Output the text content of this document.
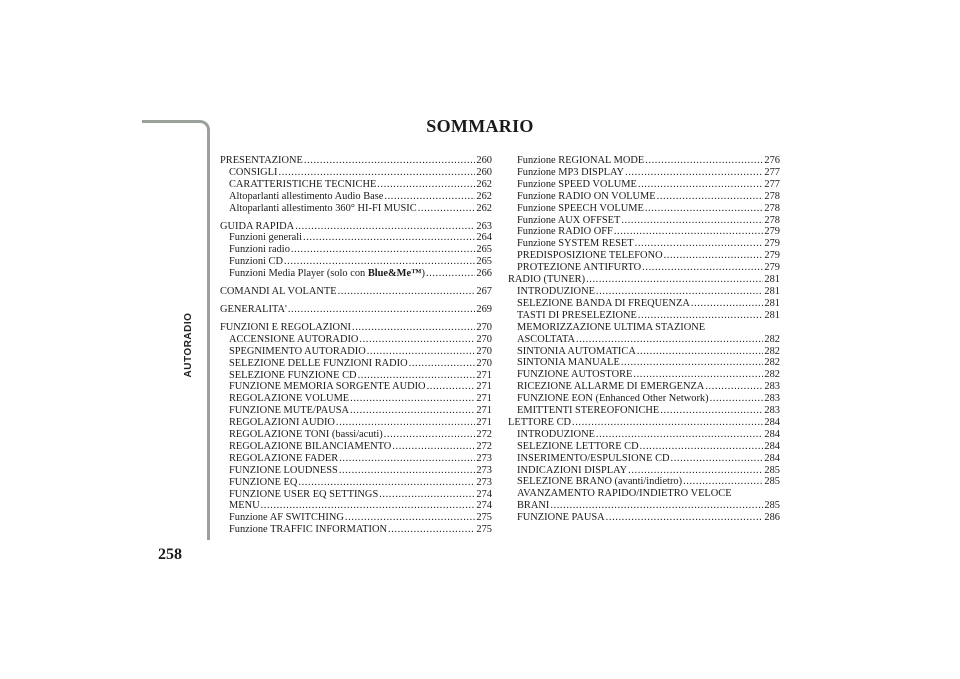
AUTORADIO
258
SOMMARIO
PRESENTAZIONE .....	260
CONSIGLI .....	260
CARATTERISTICHE TECNICHE .....	262
Altoparlanti allestimento Audio Base .....	262
Altoparlanti allestimento 360° HI-FI MUSIC .....	262
GUIDA RAPIDA .....	263
Funzioni generali .....	264
Funzioni radio .....	265
Funzioni CD .....	265
Funzioni Media Player (solo con Blue&Me™) .....	266
COMANDI AL VOLANTE .....	267
GENERALITA' .....	269
FUNZIONI E REGOLAZIONI .....	270
ACCENSIONE AUTORADIO .....	270
SPEGNIMENTO AUTORADIO .....	270
SELEZIONE DELLE FUNZIONI RADIO .....	270
SELEZIONE FUNZIONE CD .....	271
FUNZIONE MEMORIA SORGENTE AUDIO .....	271
REGOLAZIONE VOLUME .....	271
FUNZIONE MUTE/PAUSA .....	271
REGOLAZIONI AUDIO .....	271
REGOLAZIONE TONI (bassi/acuti) .....	272
REGOLAZIONE BILANCIAMENTO .....	272
REGOLAZIONE FADER .....	273
FUNZIONE LOUDNESS .....	273
FUNZIONE EQ .....	273
FUNZIONE USER EQ SETTINGS .....	274
MENU .....	274
Funzione AF SWITCHING .....	275
Funzione TRAFFIC INFORMATION .....	275
Funzione REGIONAL MODE .....	276
Funzione MP3 DISPLAY .....	277
Funzione SPEED VOLUME .....	277
Funzione RADIO ON VOLUME .....	278
Funzione SPEECH VOLUME .....	278
Funzione AUX OFFSET .....	278
Funzione RADIO OFF .....	279
Funzione SYSTEM RESET .....	279
PREDISPOSIZIONE TELEFONO .....	279
PROTEZIONE ANTIFURTO .....	279
RADIO (TUNER) .....	281
INTRODUZIONE .....	281
SELEZIONE BANDA DI FREQUENZA .....	281
TASTI DI PRESELEZIONE .....	281
MEMORIZZAZIONE ULTIMA STAZIONE
ASCOLTATA .....	282
SINTONIA AUTOMATICA .....	282
SINTONIA MANUALE .....	282
FUNZIONE AUTOSTORE .....	282
RICEZIONE ALLARME DI EMERGENZA .....	283
FUNZIONE EON (Enhanced Other Network) .....	283
EMITTENTI STEREOFONICHE .....	283
LETTORE CD .....	284
INTRODUZIONE .....	284
SELEZIONE LETTORE CD .....	284
INSERIMENTO/ESPULSIONE CD .....	284
INDICAZIONI DISPLAY .....	285
SELEZIONE BRANO (avanti/indietro) .....	285
AVANZAMENTO RAPIDO/INDIETRO VELOCE
BRANI .....	285
FUNZIONE PAUSA .....	286
